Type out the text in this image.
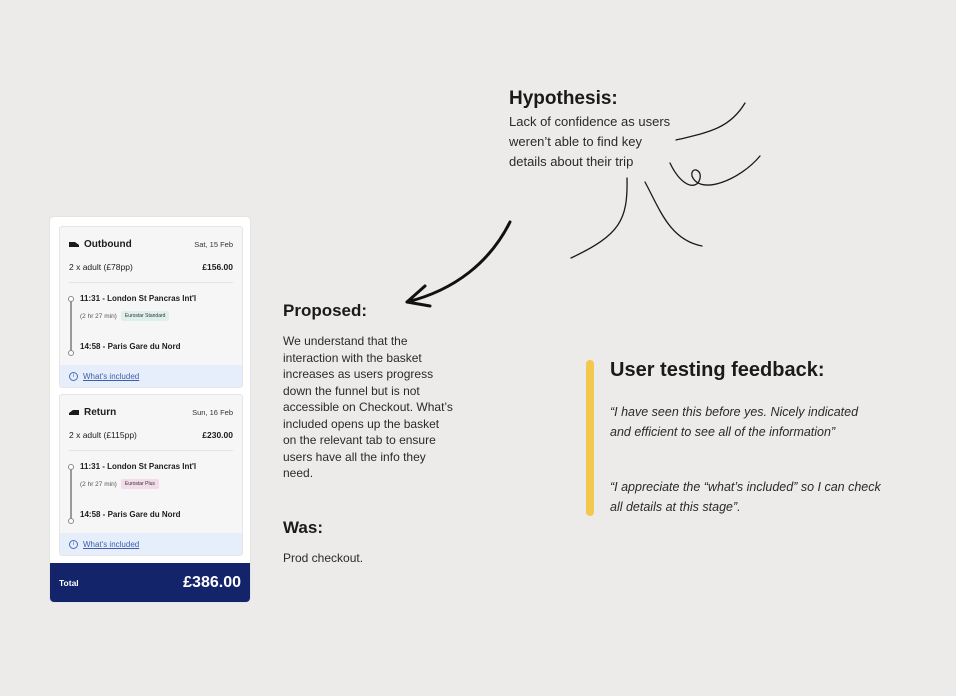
Hypothesis:
Lack of confidence as users weren’t able to find key details about their trip
Proposed:
We understand that the interaction with the basket increases as users progress down the funnel but is not accessible on Checkout. What’s included opens up the basket on the relevant tab to ensure users have all the info they need.
Was:
Prod checkout.
User testing feedback:
“I have seen this before yes. Nicely indicated and efficient to see all of the information”
“I appreciate the “what’s included” so I can check all details at this stage”.
Outbound	Sat, 15 Feb
2 x adult (£78pp)	£156.00
11:31 - London St Pancras Int'l
(2 hr 27 min)	Eurostar Standard
14:58 - Paris Gare du Nord
i	What's included
Return	Sun, 16 Feb
2 x adult (£115pp)	£230.00
11:31 - London St Pancras Int'l
(2 hr 27 min)	Eurostar Plus
14:58 - Paris Gare du Nord
i	What's included
Total	£386.00
